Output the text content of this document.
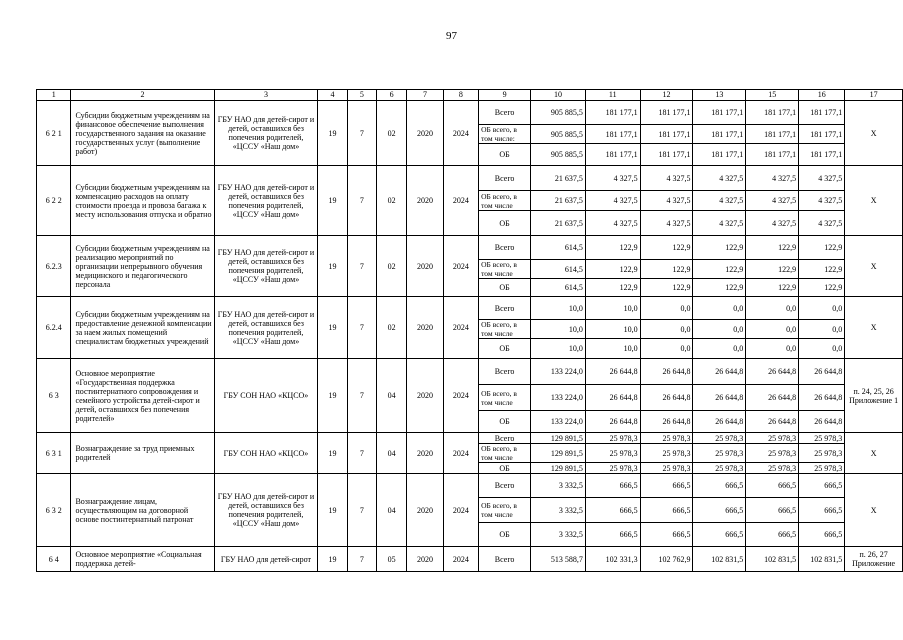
97
1	2	3	4	5	6	7	8	9	10	11	12	13	15	16	17
6 2 1	Субсидии бюджетным учреждениям на финансовое обеспечение выполнения государственного задания на оказание государственных услуг (выполнение работ)	ГБУ НАО для детей-сирот и детей, оставшихся без попечения родителей, «ЦССУ «Наш дом»	19	7	02	2020	2024	Всего	905 885,5	181 177,1	181 177,1	181 177,1	181 177,1	181 177,1	Х
								ОБ всего, в том числе:	905 885,5	181 177,1	181 177,1	181 177,1	181 177,1	181 177,1	
								ОБ	905 885,5	181 177,1	181 177,1	181 177,1	181 177,1	181 177,1	
6 2 2	Субсидии бюджетным учреждениям на компенсацию расходов на оплату стоимости проезда и провоза багажа к месту использования отпуска и обратно	ГБУ НАО для детей-сирот и детей, оставшихся без попечения родителей, «ЦССУ «Наш дом»	19	7	02	2020	2024	Всего	21 637,5	4 327,5	4 327,5	4 327,5	4 327,5	4 327,5	Х
								ОБ всего, в том числе	21 637,5	4 327,5	4 327,5	4 327,5	4 327,5	4 327,5	
								ОБ	21 637,5	4 327,5	4 327,5	4 327,5	4 327,5	4 327,5	
6.2.3	Субсидии бюджетным учреждениям на реализацию мероприятий по организации непрерывного обучения медицинского и педагогического персонала	ГБУ НАО для детей-сирот и детей, оставшихся без попечения родителей, «ЦССУ «Наш дом»	19	7	02	2020	2024	Всего	614,5	122,9	122,9	122,9	122,9	122,9	Х
								ОБ всего, в том числе	614,5	122,9	122,9	122,9	122,9	122,9	
								ОБ	614,5	122,9	122,9	122,9	122,9	122,9	
6.2.4	Субсидии бюджетным учреждениям на предоставление денежной компенсации за наем жилых помещений специалистам бюджетных учреждений	ГБУ НАО для детей-сирот и детей, оставшихся без попечения родителей, «ЦССУ «Наш дом»	19	7	02	2020	2024	Всего	10,0	10,0	0,0	0,0	0,0	0,0	Х
								ОБ всего, в том числе	10,0	10,0	0,0	0,0	0,0	0,0	
								ОБ	10,0	10,0	0,0	0,0	0,0	0,0	
6 3	Основное мероприятие «Государственная поддержка постинтернатного сопровождения и семейного устройства детей-сирот и детей, оставшихся без попечения родителей»	ГБУ СОН НАО «КЦСО»	19	7	04	2020	2024	Всего	133 224,0	26 644,8	26 644,8	26 644,8	26 644,8	26 644,8	п. 24, 25, 26 Приложение 1
								ОБ всего, в том числе	133 224,0	26 644,8	26 644,8	26 644,8	26 644,8	26 644,8	
								ОБ	133 224,0	26 644,8	26 644,8	26 644,8	26 644,8	26 644,8	
6 3 1	Вознаграждение за труд приемных родителей	ГБУ СОН НАО «КЦСО»	19	7	04	2020	2024	Всего	129 891,5	25 978,3	25 978,3	25 978,3	25 978,3	25 978,3	Х
								ОБ всего, в том числе	129 891,5	25 978,3	25 978,3	25 978,3	25 978,3	25 978,3	
								ОБ	129 891,5	25 978,3	25 978,3	25 978,3	25 978,3	25 978,3	
6 3 2	Вознаграждение лицам, осуществляющим на договорной основе постинтернатный патронат	ГБУ НАО для детей-сирот и детей, оставшихся без попечения родителей, «ЦССУ «Наш дом»	19	7	04	2020	2024	Всего	3 332,5	666,5	666,5	666,5	666,5	666,5	Х
								ОБ всего, в том числе	3 332,5	666,5	666,5	666,5	666,5	666,5	
								ОБ	3 332,5	666,5	666,5	666,5	666,5	666,5	
6 4	Основное мероприятие «Социальная поддержка детей-	ГБУ НАО для детей-сирот	19	7	05	2020	2024	Всего	513 588,7	102 331,3	102 762,9	102 831,5	102 831,5	102 831,5	п. 26, 27 Приложение
